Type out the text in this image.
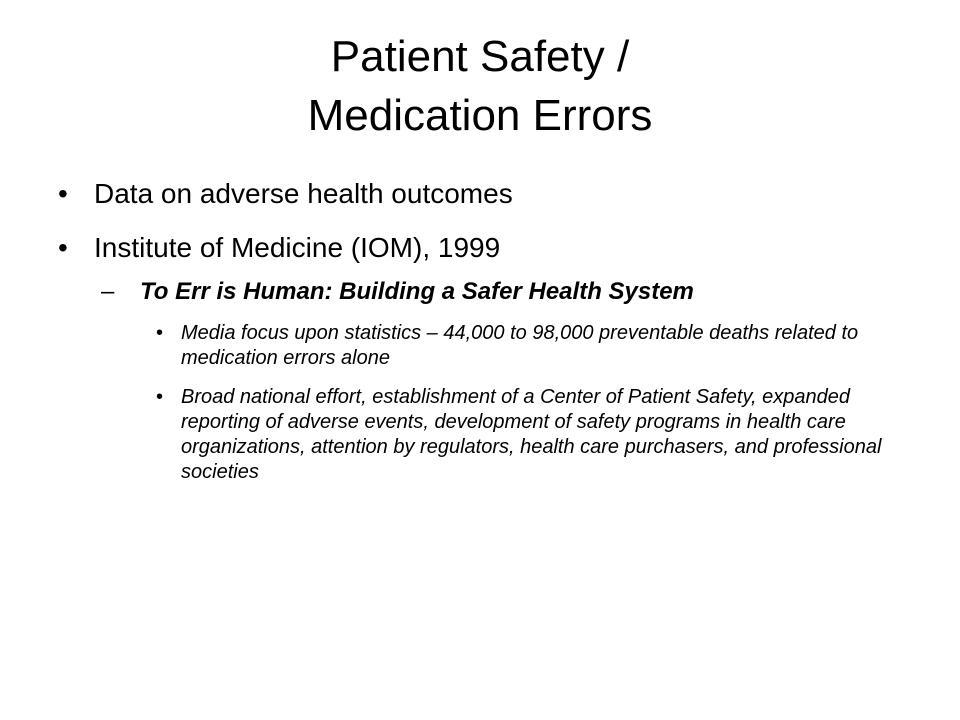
Patient Safety /
Medication Errors
• Data on adverse health outcomes
• Institute of Medicine (IOM), 1999
– To Err is Human: Building a Safer Health System
• Media focus upon statistics – 44,000 to 98,000 preventable deaths related to medication errors alone
• Broad national effort, establishment of a Center of Patient Safety, expanded reporting of adverse events, development of safety programs in health care organizations, attention by regulators, health care purchasers, and professional societies
